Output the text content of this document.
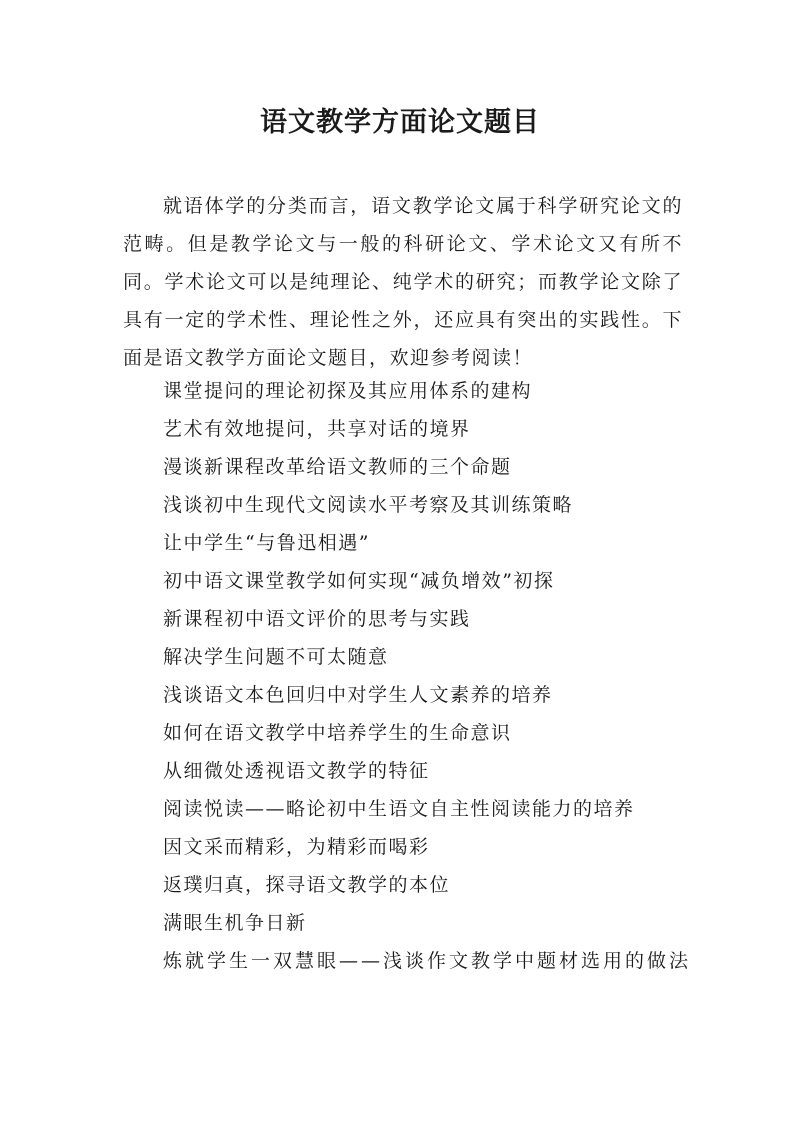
语文教学方面论文题目
就语体学的分类而言，语文教学论文属于科学研究论文的范畴。但是教学论文与一般的科研论文、学术论文又有所不同。学术论文可以是纯理论、纯学术的研究；而教学论文除了具有一定的学术性、理论性之外，还应具有突出的实践性。下面是语文教学方面论文题目，欢迎参考阅读！
课堂提问的理论初探及其应用体系的建构
艺术有效地提问，共享对话的境界
漫谈新课程改革给语文教师的三个命题
浅谈初中生现代文阅读水平考察及其训练策略
让中学生“与鲁迅相遇”
初中语文课堂教学如何实现“减负增效”初探
新课程初中语文评价的思考与实践
解决学生问题不可太随意
浅谈语文本色回归中对学生人文素养的培养
如何在语文教学中培养学生的生命意识
从细微处透视语文教学的特征
阅读悦读——略论初中生语文自主性阅读能力的培养
因文采而精彩，为精彩而喝彩
返璞归真，探寻语文教学的本位
满眼生机争日新
炼就学生一双慧眼——浅谈作文教学中题材选用的做法
